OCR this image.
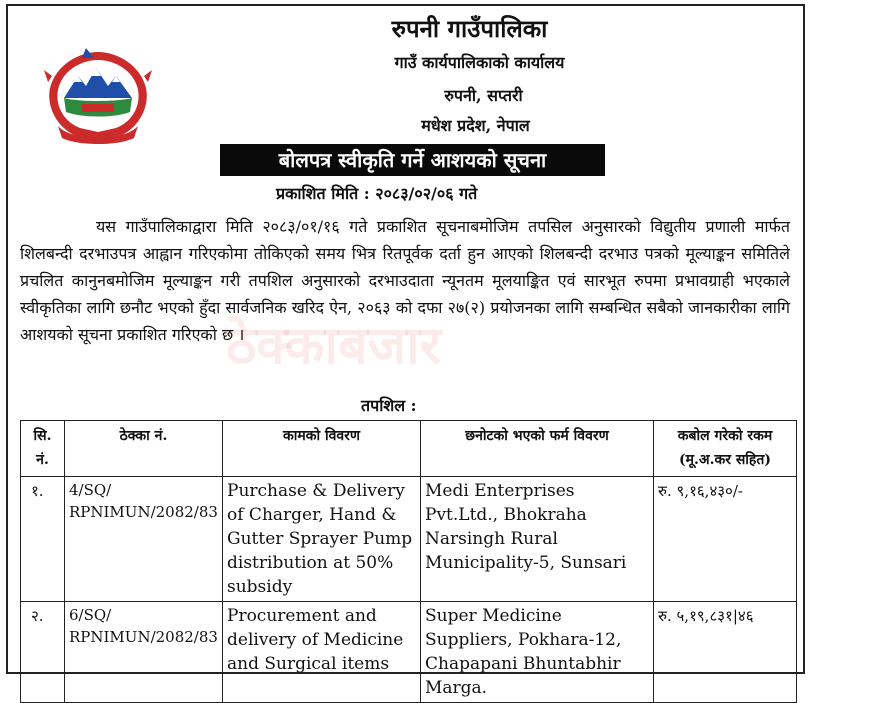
रुपनी गाउँपालिका
गाउँ कार्यपालिकाको कार्यालय
रुपनी, सप्तरी
मधेश प्रदेश, नेपाल
बोलपत्र स्वीकृति गर्ने आशयको सूचना
प्रकाशित मिति : २०८३/०२/०६ गते
ठेक्काबजार

यस गाउँपालिकाद्वारा मिति २०८३/०१/१६ गते प्रकाशित सूचनाबमोजिम तपसिल अनुसारको विद्युतीय प्रणाली मार्फत शिलबन्दी दरभाउपत्र आह्वान गरिएकोमा तोकिएको समय भित्र रितपूर्वक दर्ता हुन आएको शिलबन्दी दरभाउ पत्रको मूल्याङ्कन समितिले प्रचलित कानुनबमोजिम मूल्याङ्कन गरी तपशिल अनुसारको दरभाउदाता न्यूनतम मूलयाङ्कित एवं सारभूत रुपमा प्रभावग्राही भएकाले स्वीकृतिका लागि छनौट भएको हुँदा सार्वजनिक खरिद ऐन, २०६३ को दफा २७(२) प्रयोजनका लागि सम्बन्धित सबैको जानकारीका लागि आशयको सूचना प्रकाशित गरिएको छ ।

तपशिल :
सि.
नं.	ठेक्का नं.	कामको विवरण	छनोटको भएको फर्म विवरण	कबोल गरेको रकम
(मू.अ.कर सहित)

१.	4/SQ/ RPNIMUN/2082/83	Purchase & Delivery of Charger, Hand & Gutter Sprayer Pump distribution at 50% subsidy	Medi Enterprises Pvt.Ltd., Bhokraha Narsingh Rural Municipality-5, Sunsari	रु. ९,१६,४३०/-
२.	6/SQ/ RPNIMUN/2082/83	Procurement and delivery of Medicine and Surgical items	Super Medicine Suppliers, Pokhara-12, Chapapani Bhuntabhir Marga.	रु. ५,१९,८३१|४६
